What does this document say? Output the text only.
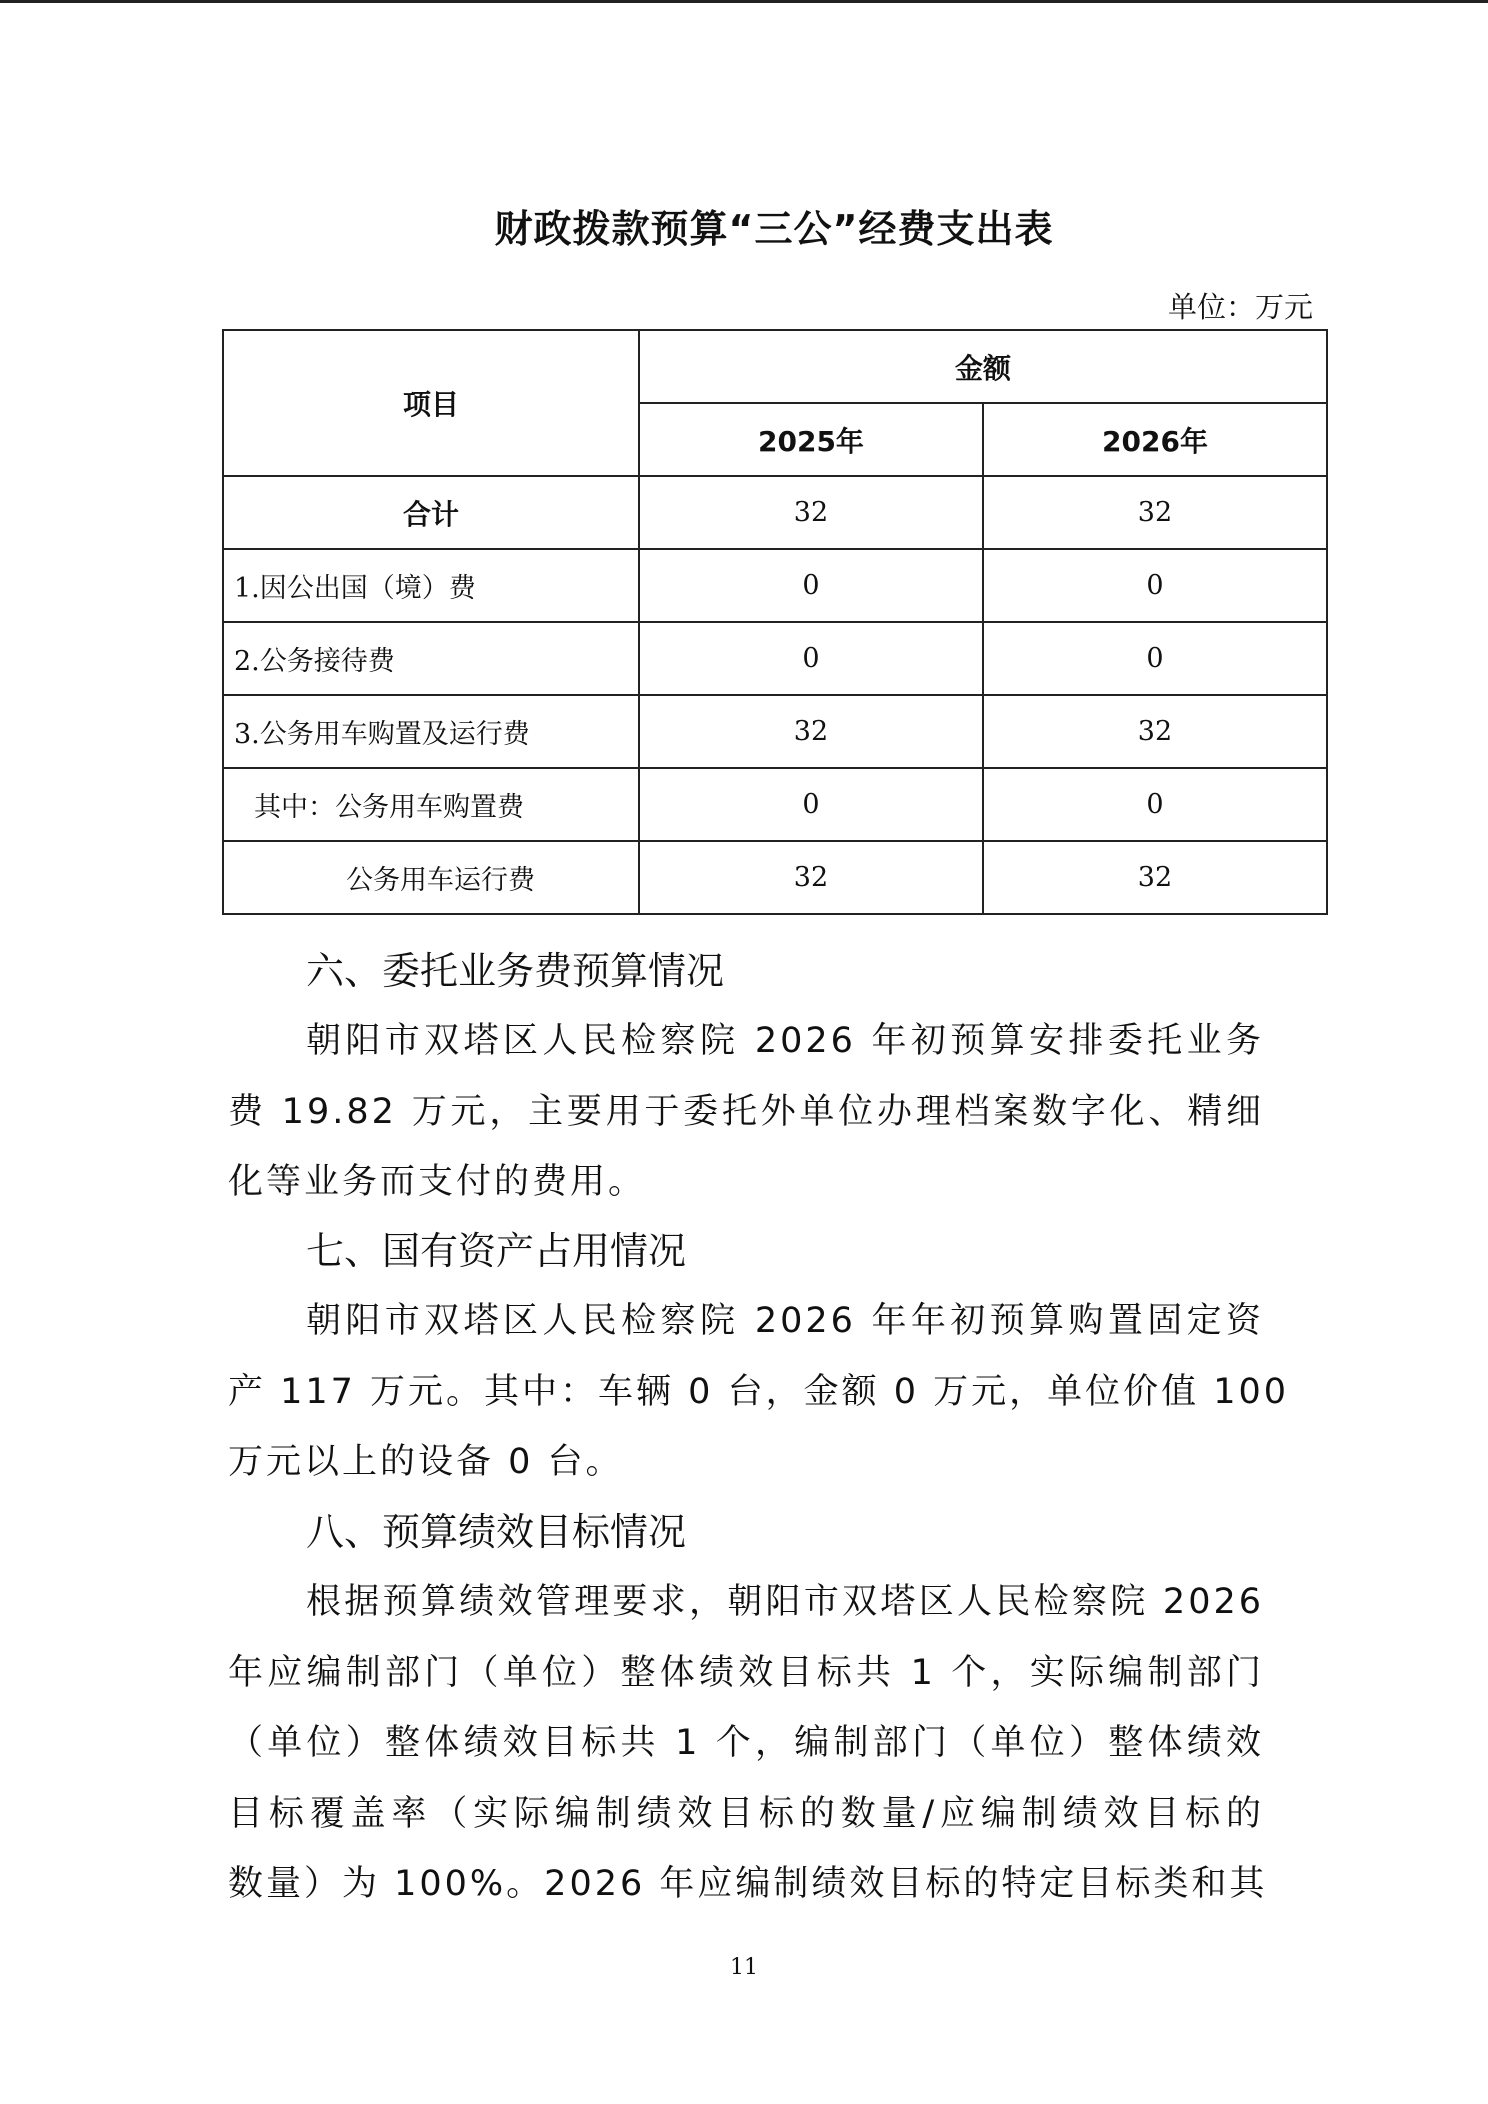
财政拨款预算“三公”经费支出表
单位：万元
项目	金额	
	2025年	2026年
合计	32	32
1.因公出国（境）费	0	0
2.公务接待费	0	0
3.公务用车购置及运行费	32	32
其中：公务用车购置费	0	0
公务用车运行费	32	32
六、委托业务费预算情况
朝阳市双塔区人民检察院 2026 年初预算安排委托业务
费 19.82 万元，主要用于委托外单位办理档案数字化、精细
化等业务而支付的费用。
七、国有资产占用情况
朝阳市双塔区人民检察院 2026 年年初预算购置固定资
产 117 万元。其中：车辆 0 台，金额 0 万元，单位价值 100
万元以上的设备 0 台。
八、预算绩效目标情况
根据预算绩效管理要求，朝阳市双塔区人民检察院 2026
年应编制部门（单位）整体绩效目标共 1 个，实际编制部门
（单位）整体绩效目标共 1 个，编制部门（单位）整体绩效
目标覆盖率（实际编制绩效目标的数量/应编制绩效目标的
数量）为 100%。2026 年应编制绩效目标的特定目标类和其
11
